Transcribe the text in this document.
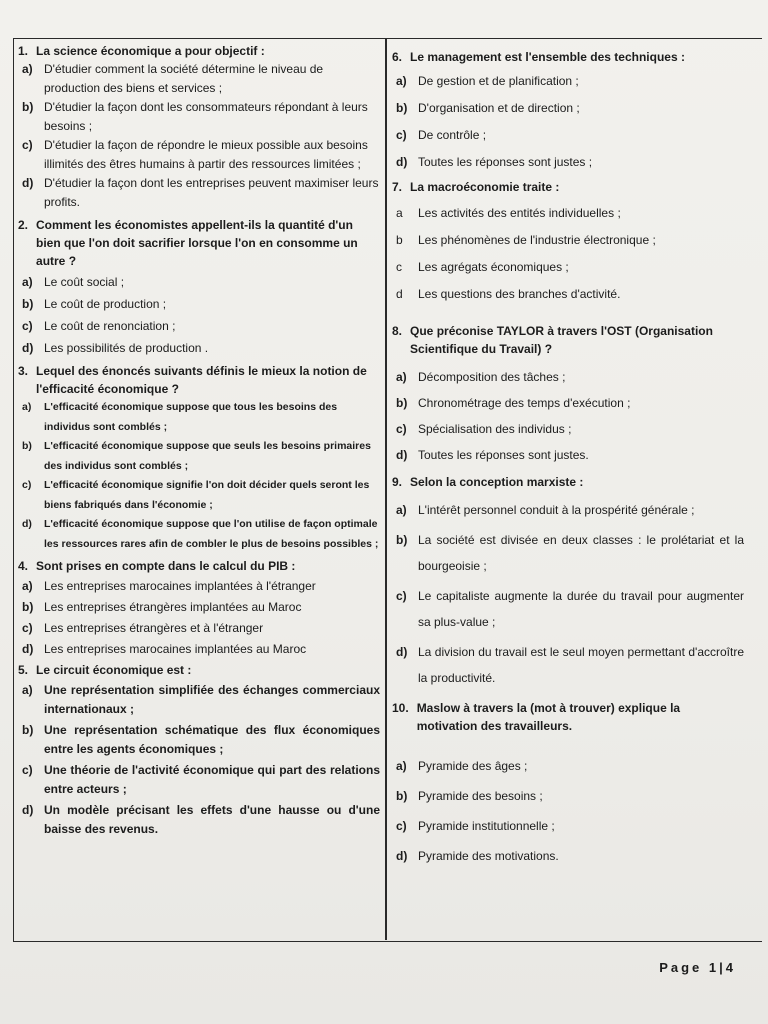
1. La science économique a pour objectif :
a) D'étudier comment la société détermine le niveau de production des biens et services ;
b) D'étudier la façon dont les consommateurs répondant à leurs besoins ;
c) D'étudier la façon de répondre le mieux possible aux besoins illimités des êtres humains à partir des ressources limitées ;
d) D'étudier la façon dont les entreprises peuvent maximiser leurs profits.
2. Comment les économistes appellent-ils la quantité d'un bien que l'on doit sacrifier lorsque l'on en consomme un autre ?
a) Le coût social ;
b) Le coût de production ;
c) Le coût de renonciation ;
d) Les possibilités de production .
3. Lequel des énoncés suivants définis le mieux la notion de l'efficacité économique ?
a)	L'efficacité économique suppose que tous les besoins des individus sont comblés ;
b)	L'efficacité économique suppose que seuls les besoins primaires des individus sont comblés ;
c)	L'efficacité économique signifie l'on doit décider quels seront les biens fabriqués dans l'économie ;
d)	L'efficacité économique suppose que l'on utilise de façon optimale les ressources rares afin de combler le plus de besoins possibles ;
4. Sont prises en compte dans le calcul du PIB :
a) Les entreprises marocaines implantées à l'étranger
b) Les entreprises étrangères implantées au Maroc
c) Les entreprises étrangères et à l'étranger
d) Les entreprises marocaines implantées au Maroc
5. Le circuit économique est :
a) Une représentation simplifiée des échanges commerciaux internationaux ;
b) Une représentation schématique des flux économiques entre les agents économiques ;
c) Une théorie de l'activité économique qui part des relations entre acteurs ;
d) Un modèle précisant les effets d'une hausse ou d'une baisse des revenus.
6. Le management est l'ensemble des techniques :
a) De gestion et de planification ;
b) D'organisation et de direction ;
c) De contrôle ;
d) Toutes les réponses sont justes ;
7. La macroéconomie traite :
a	Les activités des entités individuelles ;
b	Les phénomènes de l'industrie électronique ;
c	Les agrégats économiques ;
d	Les questions des branches d'activité.
8. Que préconise TAYLOR à travers l'OST (Organisation Scientifique du Travail) ?
a) Décomposition des tâches ;
b) Chronométrage des temps d'exécution ;
c) Spécialisation des individus ;
d) Toutes les réponses sont justes.
9. Selon la conception marxiste :
a) L'intérêt personnel conduit à la prospérité générale ;
b) La société est divisée en deux classes : le prolétariat et la bourgeoisie ;
c) Le capitaliste augmente la durée du travail pour augmenter sa plus-value ;
d) La division du travail est le seul moyen permettant d'accroître la productivité.
10. Maslow à travers la (mot à trouver) explique la motivation des travailleurs.
a) Pyramide des âges ;
b) Pyramide des besoins ;
c) Pyramide institutionnelle ;
d) Pyramide des motivations.
Page 1|4
